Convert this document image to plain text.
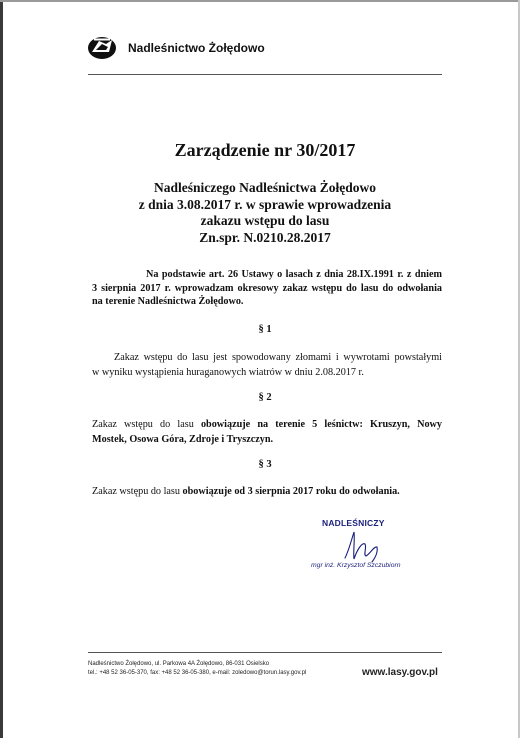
Nadleśnictwo Żołędowo
Zarządzenie nr 30/2017
Nadleśniczego Nadleśnictwa Żołędowo
z dnia 3.08.2017 r. w sprawie wprowadzenia
zakazu wstępu do lasu
Zn.spr. N.0210.28.2017
Na podstawie art. 26 Ustawy o lasach z dnia 28.IX.1991 r. z dniem
3 sierpnia 2017 r. wprowadzam okresowy zakaz wstępu do lasu do odwołania
na terenie Nadleśnictwa Żołędowo.
§ 1
Zakaz wstępu do lasu jest spowodowany złomami i wywrotami powstałymi
w wyniku wystąpienia huraganowych wiatrów w dniu 2.08.2017 r.
§ 2
Zakaz wstępu do lasu obowiązuje na terenie 5 leśnictw: Kruszyn, Nowy
Mostek, Osowa Góra, Zdroje i Tryszczyn.
§ 3
Zakaz wstępu do lasu obowiązuje od 3 sierpnia 2017 roku do odwołania.
NADLEŚNICZY
mgr inż. Krzysztof Szczubiorn
Nadleśnictwo Żołędowo, ul. Parkowa 4A Żołędowo, 86-031 Osielsko
tel.: +48 52 36-05-370, fax: +48 52 36-05-380, e-mail: zoledowo@torun.lasy.gov.pl	www.lasy.gov.pl
